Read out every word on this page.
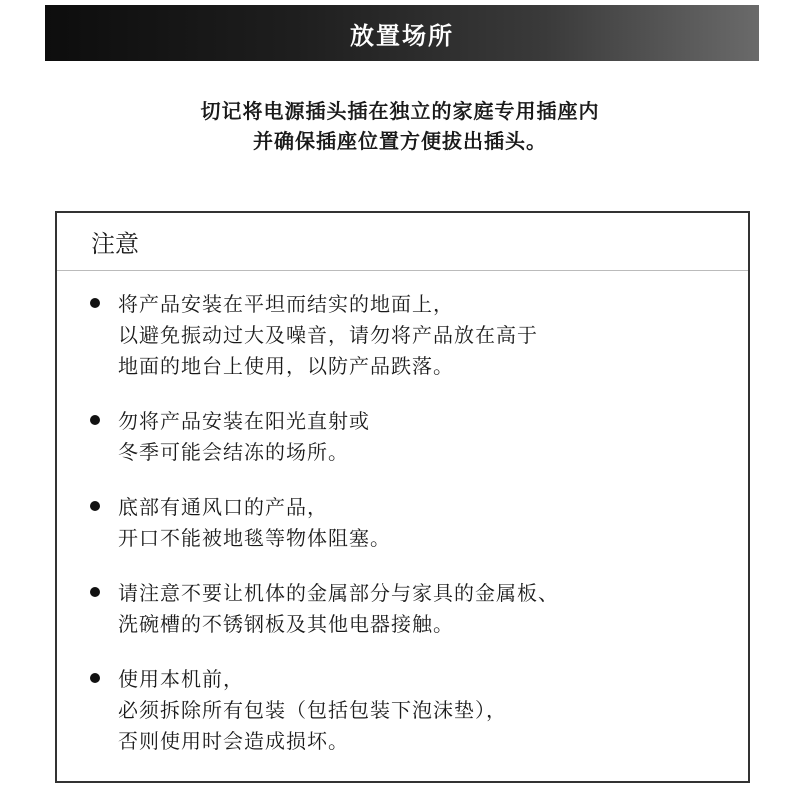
放置场所
切记将电源插头插在独立的家庭专用插座内
并确保插座位置方便拔出插头。
注意
将产品安装在平坦而结实的地面上，
以避免振动过大及噪音，请勿将产品放在高于
地面的地台上使用，以防产品跌落。
勿将产品安装在阳光直射或
冬季可能会结冻的场所。
底部有通风口的产品，
开口不能被地毯等物体阻塞。
请注意不要让机体的金属部分与家具的金属板、
洗碗槽的不锈钢板及其他电器接触。
使用本机前，
必须拆除所有包装（包括包装下泡沫垫），
否则使用时会造成损坏。
